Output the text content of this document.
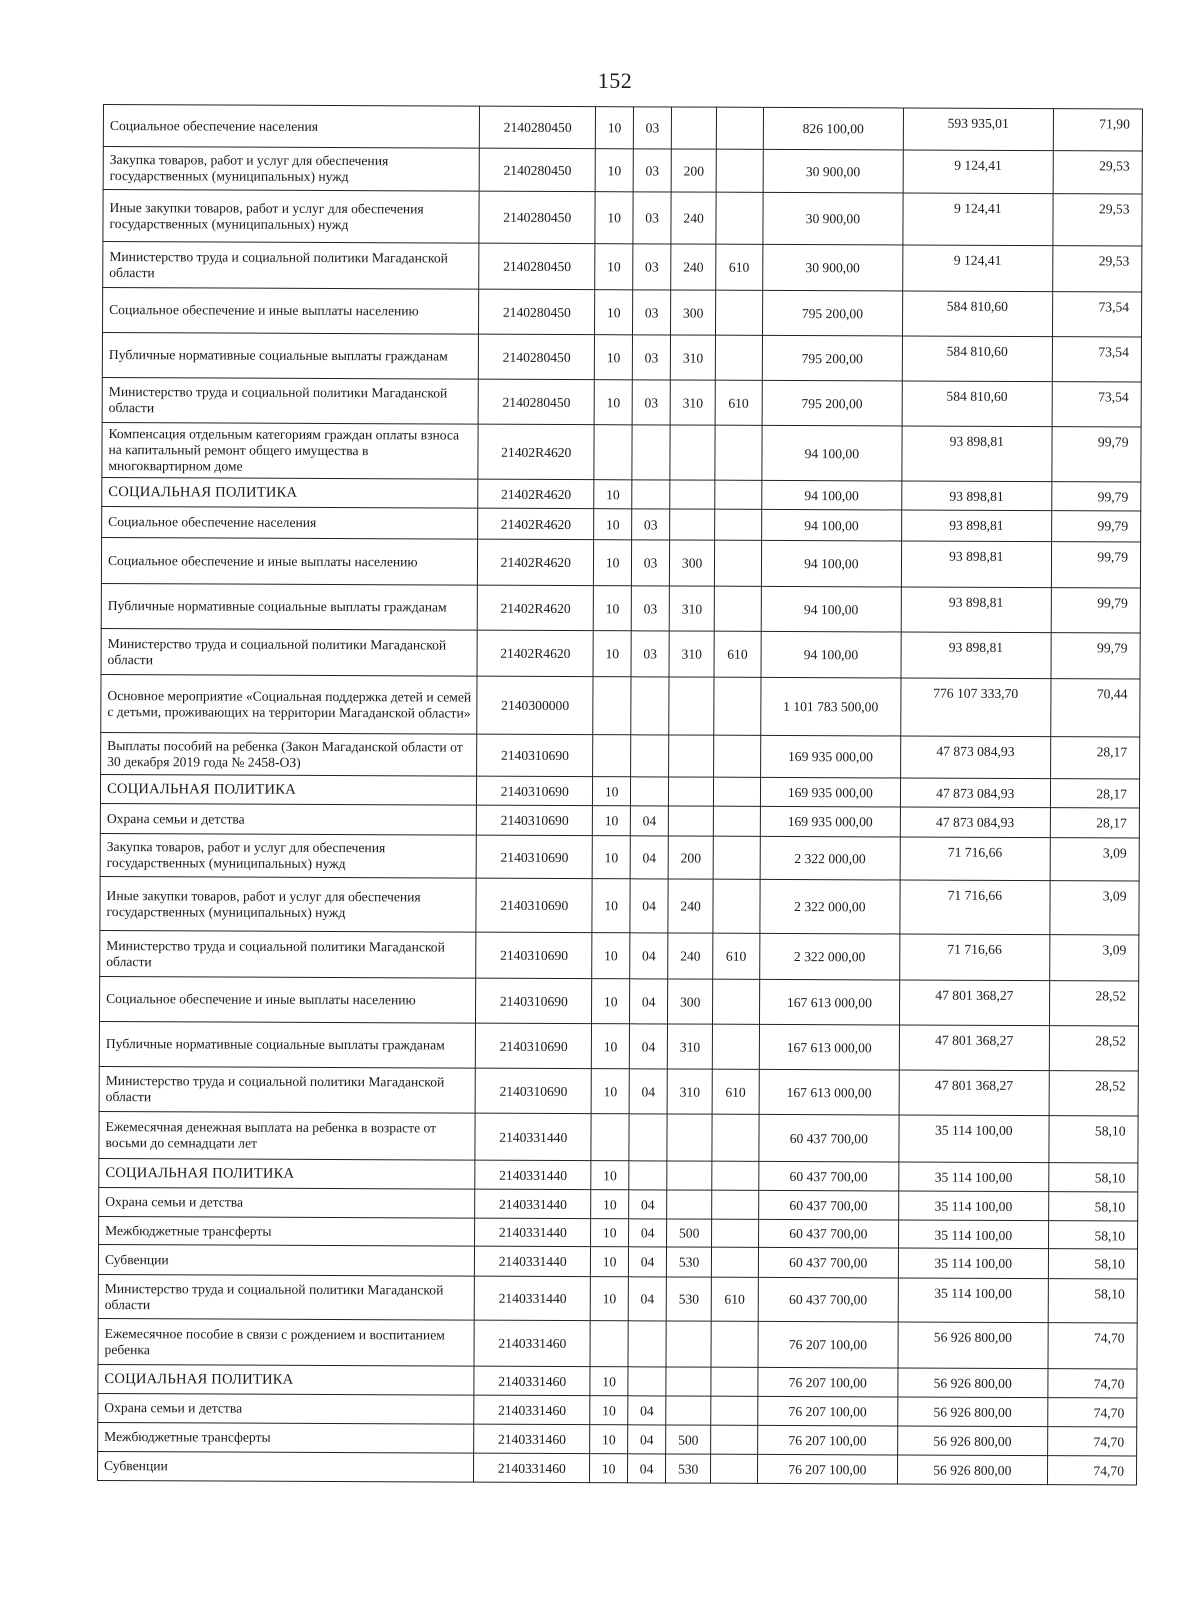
152
Социальное обеспечение населения	2140280450	10	03			826 100,00	593 935,01	71,90
Закупка товаров, работ и услуг для обеспечения государственных (муниципальных) нужд	2140280450	10	03	200		30 900,00	9 124,41	29,53
Иные закупки товаров, работ и услуг для обеспечения государственных (муниципальных) нужд	2140280450	10	03	240		30 900,00	9 124,41	29,53
Министерство труда и социальной политики Магаданской области	2140280450	10	03	240	610	30 900,00	9 124,41	29,53
Социальное обеспечение и иные выплаты населению	2140280450	10	03	300		795 200,00	584 810,60	73,54
Публичные нормативные социальные выплаты гражданам	2140280450	10	03	310		795 200,00	584 810,60	73,54
Министерство труда и социальной политики Магаданской области	2140280450	10	03	310	610	795 200,00	584 810,60	73,54
Компенсация отдельным категориям граждан оплаты взноса на капитальный ремонт общего имущества в многоквартирном доме	21402R4620					94 100,00	93 898,81	99,79
СОЦИАЛЬНАЯ ПОЛИТИКА	21402R4620	10				94 100,00	93 898,81	99,79
Социальное обеспечение населения	21402R4620	10	03			94 100,00	93 898,81	99,79
Социальное обеспечение и иные выплаты населению	21402R4620	10	03	300		94 100,00	93 898,81	99,79
Публичные нормативные социальные выплаты гражданам	21402R4620	10	03	310		94 100,00	93 898,81	99,79
Министерство труда и социальной политики Магаданской области	21402R4620	10	03	310	610	94 100,00	93 898,81	99,79
Основное мероприятие «Социальная поддержка детей и семей с детьми, проживающих на территории Магаданской области»	2140300000					1 101 783 500,00	776 107 333,70	70,44
Выплаты пособий на ребенка (Закон Магаданской области от 30 декабря 2019 года № 2458-ОЗ)	2140310690					169 935 000,00	47 873 084,93	28,17
СОЦИАЛЬНАЯ ПОЛИТИКА	2140310690	10				169 935 000,00	47 873 084,93	28,17
Охрана семьи и детства	2140310690	10	04			169 935 000,00	47 873 084,93	28,17
Закупка товаров, работ и услуг для обеспечения государственных (муниципальных) нужд	2140310690	10	04	200		2 322 000,00	71 716,66	3,09
Иные закупки товаров, работ и услуг для обеспечения государственных (муниципальных) нужд	2140310690	10	04	240		2 322 000,00	71 716,66	3,09
Министерство труда и социальной политики Магаданской области	2140310690	10	04	240	610	2 322 000,00	71 716,66	3,09
Социальное обеспечение и иные выплаты населению	2140310690	10	04	300		167 613 000,00	47 801 368,27	28,52
Публичные нормативные социальные выплаты гражданам	2140310690	10	04	310		167 613 000,00	47 801 368,27	28,52
Министерство труда и социальной политики Магаданской области	2140310690	10	04	310	610	167 613 000,00	47 801 368,27	28,52
Ежемесячная денежная выплата на ребенка в возрасте от восьми до семнадцати лет	2140331440					60 437 700,00	35 114 100,00	58,10
СОЦИАЛЬНАЯ ПОЛИТИКА	2140331440	10				60 437 700,00	35 114 100,00	58,10
Охрана семьи и детства	2140331440	10	04			60 437 700,00	35 114 100,00	58,10
Межбюджетные трансферты	2140331440	10	04	500		60 437 700,00	35 114 100,00	58,10
Субвенции	2140331440	10	04	530		60 437 700,00	35 114 100,00	58,10
Министерство труда и социальной политики Магаданской области	2140331440	10	04	530	610	60 437 700,00	35 114 100,00	58,10
Ежемесячное пособие в связи с рождением и воспитанием ребенка	2140331460					76 207 100,00	56 926 800,00	74,70
СОЦИАЛЬНАЯ ПОЛИТИКА	2140331460	10				76 207 100,00	56 926 800,00	74,70
Охрана семьи и детства	2140331460	10	04			76 207 100,00	56 926 800,00	74,70
Межбюджетные трансферты	2140331460	10	04	500		76 207 100,00	56 926 800,00	74,70
Субвенции	2140331460	10	04	530		76 207 100,00	56 926 800,00	74,70
